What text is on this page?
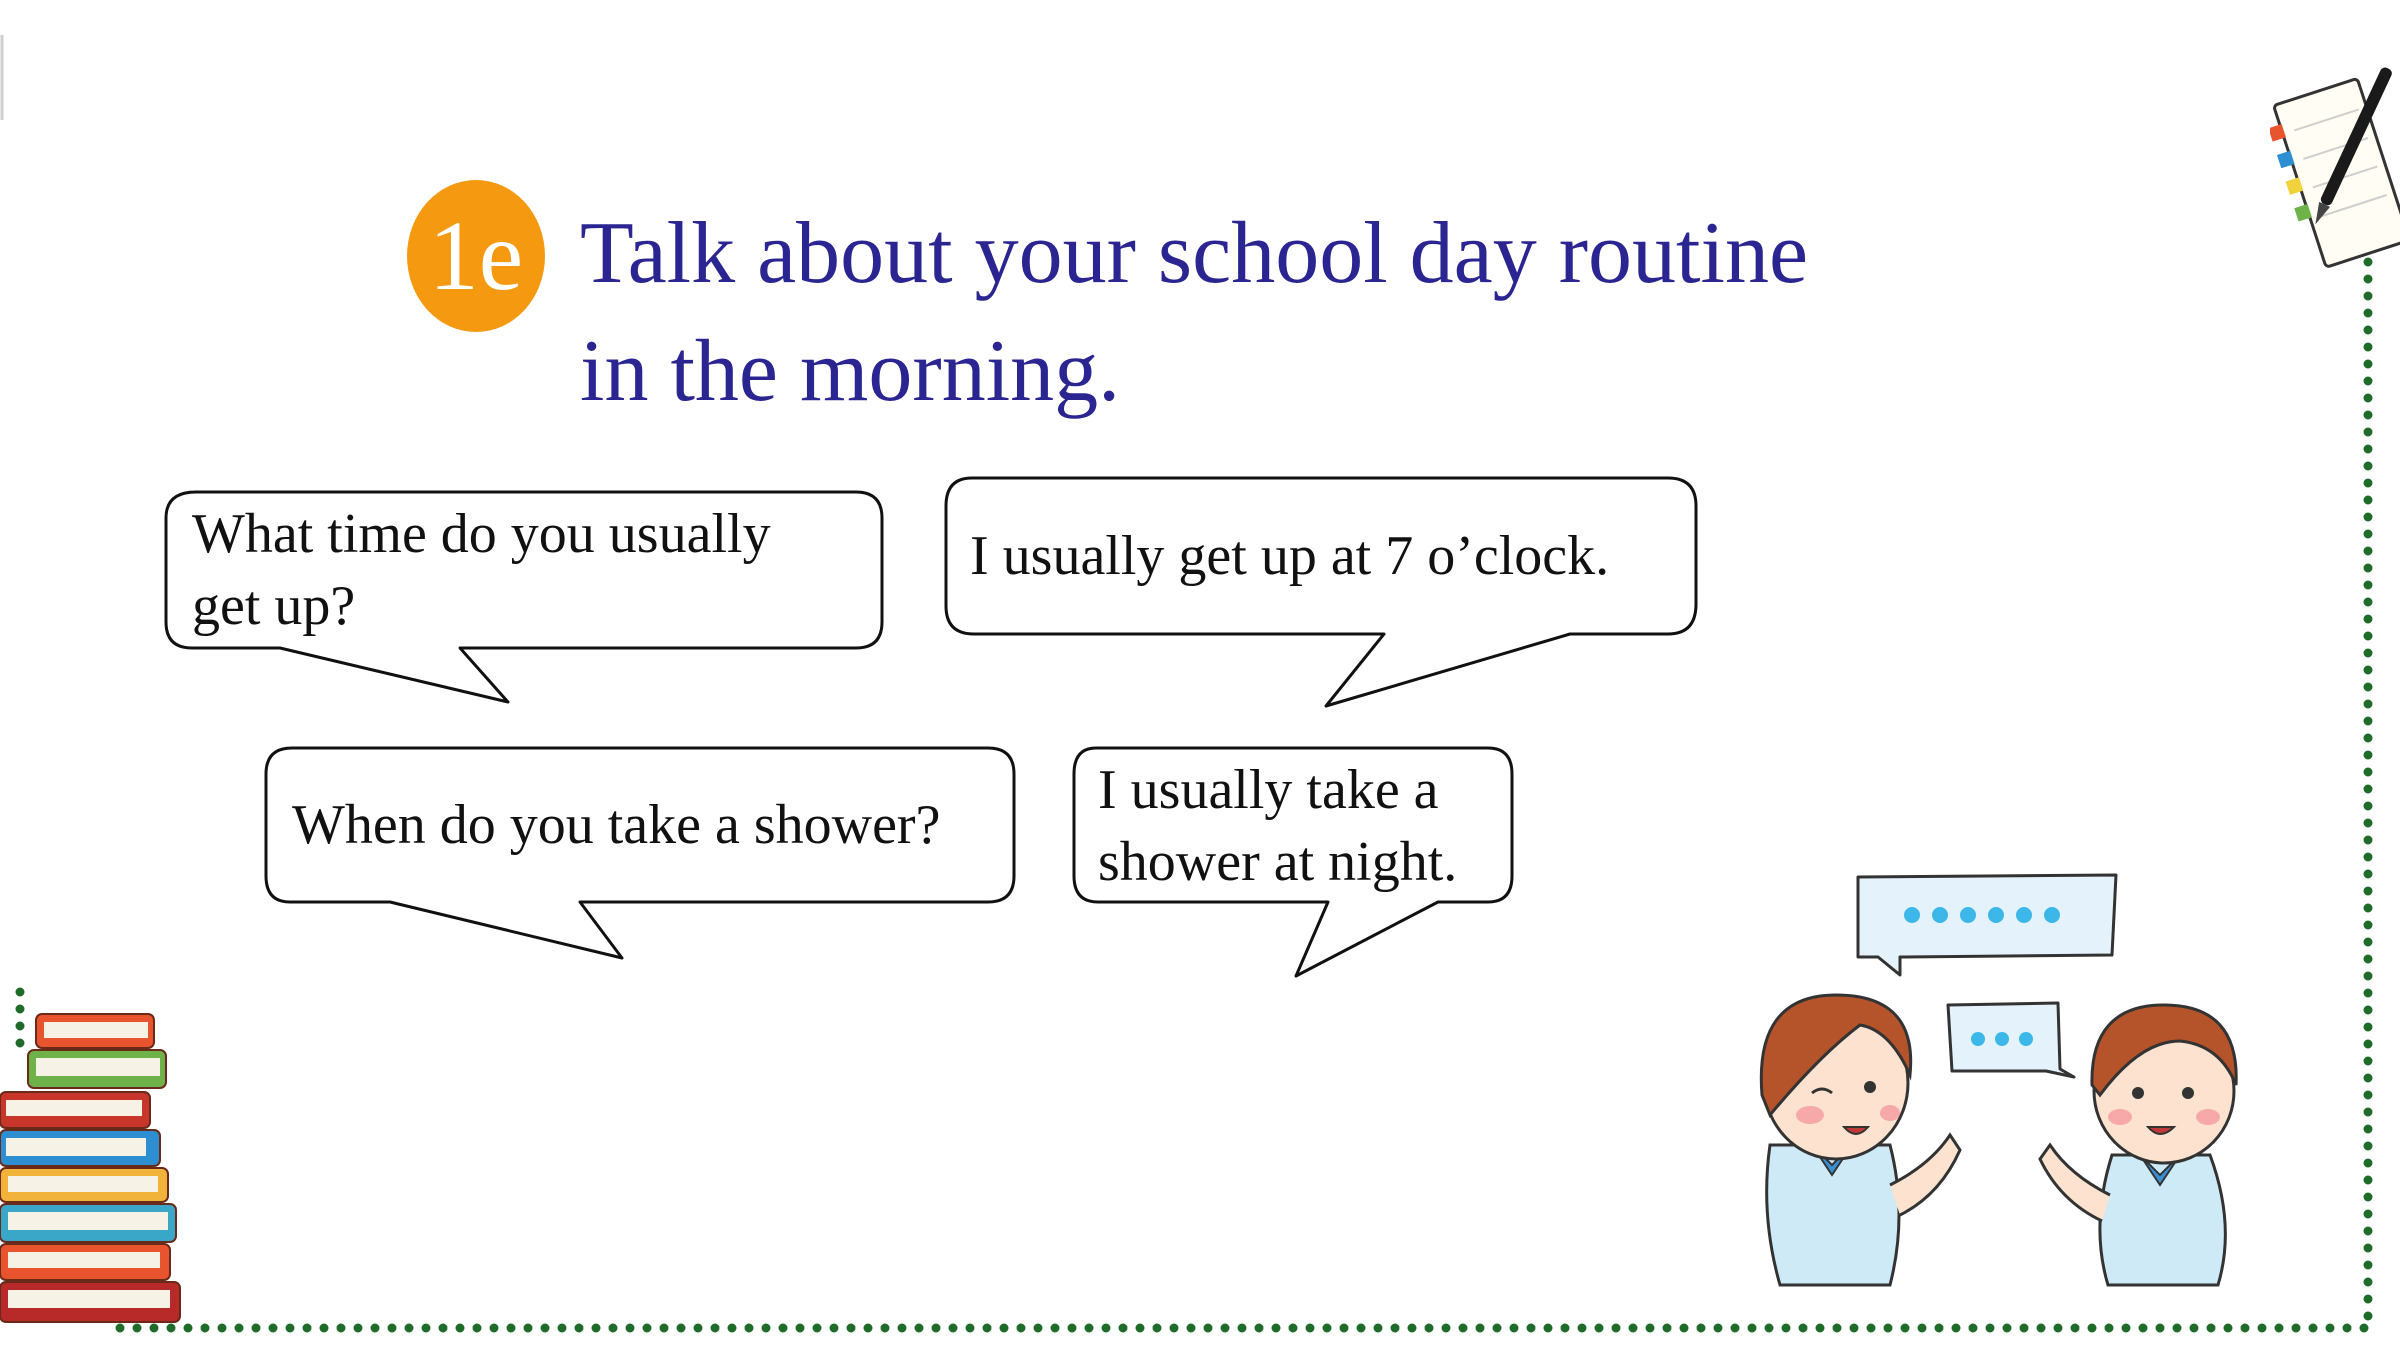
1e Talk about your school day routine
in the morning.
What time do you usually
get up?
I usually get up at 7 o’clock.
When do you take a shower?
I usually take a
shower at night.
